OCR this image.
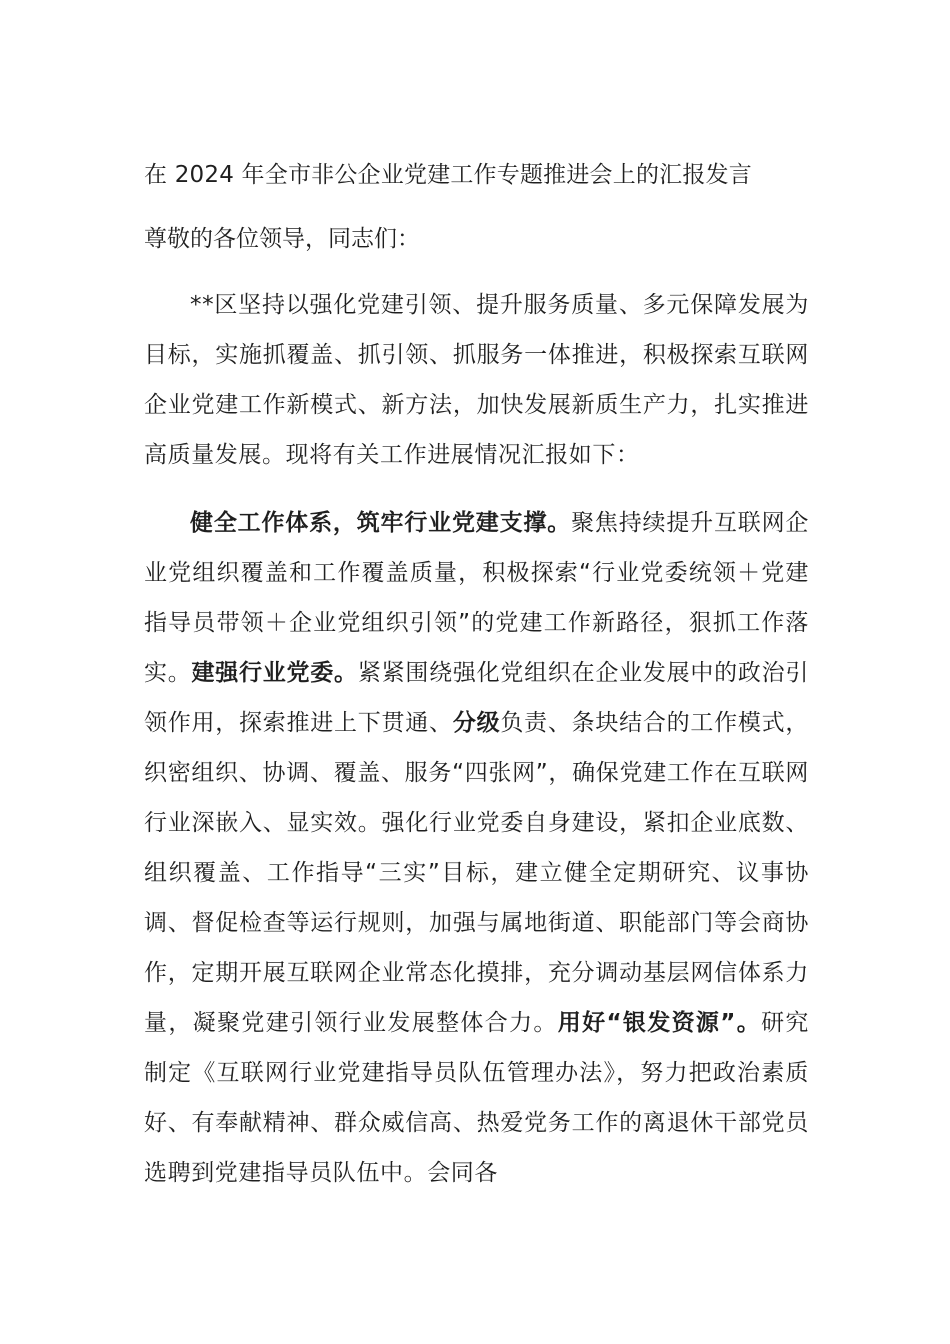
在 2024 年全市非公企业党建工作专题推进会上的汇报发言
尊敬的各位领导，同志们：

**区坚持以强化党建引领、提升服务质量、多元保障发展为目标，实施抓覆盖、抓引领、抓服务一体推进，积极探索互联网企业党建工作新模式、新方法，加快发展新质生产力，扎实推进高质量发展。现将有关工作进展情况汇报如下：

健全工作体系，筑牢行业党建支撑。聚焦持续提升互联网企业党组织覆盖和工作覆盖质量，积极探索“行业党委统领＋党建指导员带领＋企业党组织引领”的党建工作新路径，狠抓工作落实。建强行业党委。紧紧围绕强化党组织在企业发展中的政治引领作用，探索推进上下贯通、分级负责、条块结合的工作模式，织密组织、协调、覆盖、服务“四张网”，确保党建工作在互联网行业深嵌入、显实效。强化行业党委自身建设，紧扣企业底数、组织覆盖、工作指导“三实”目标，建立健全定期研究、议事协调、督促检查等运行规则，加强与属地街道、职能部门等会商协作，定期开展互联网企业常态化摸排，充分调动基层网信体系力量，凝聚党建引领行业发展整体合力。用好“银发资源”。研究制定《互联网行业党建指导员队伍管理办法》，努力把政治素质好、有奉献精神、群众威信高、热爱党务工作的离退休干部党员选聘到党建指导员队伍中。会同各
